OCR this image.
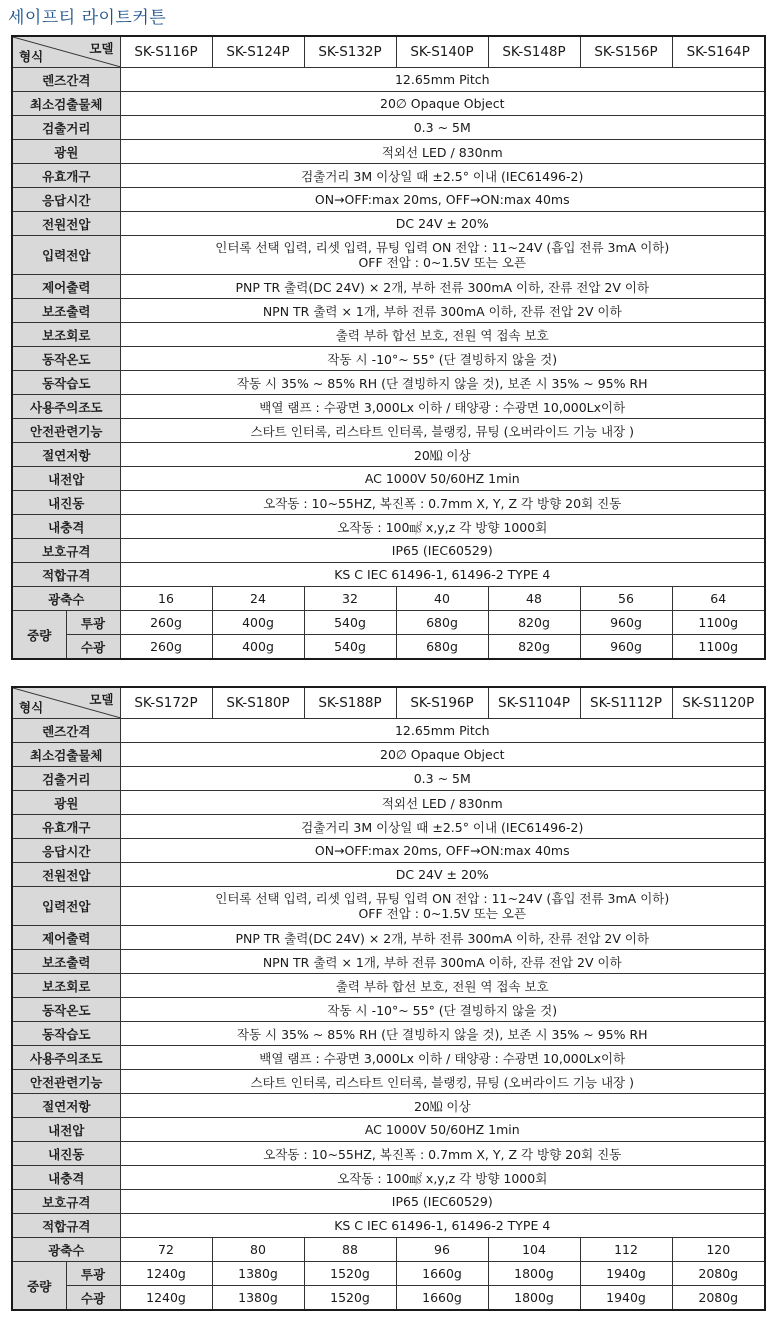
세이프티 라이트커튼
모델
형식		SK-S116P	SK-S124P	SK-S132P	SK-S140P	SK-S148P	SK-S156P	SK-S164P
렌즈간격		12.65mm Pitch						
최소검출물체		20∅ Opaque Object						
검출거리		0.3 ~ 5M						
광원		적외선 LED / 830nm						
유효개구		검출거리 3M 이상일 때 ±2.5° 이내 (IEC61496-2)						
응답시간		ON→OFF:max 20ms, OFF→ON:max 40ms						
전원전압		DC 24V ± 20%						
입력전압		인터록 선택 입력, 리셋 입력, 뮤팅 입력 ON 전압 : 11~24V (흡입 전류 3mA 이하)
OFF 전압 : 0~1.5V 또는 오픈						

제어출력		PNP TR 출력(DC 24V) × 2개, 부하 전류 300mA 이하, 잔류 전압 2V 이하						
보조출력		NPN TR 출력 × 1개, 부하 전류 300mA 이하, 잔류 전압 2V 이하						
보조회로		출력 부하 합선 보호, 전원 역 접속 보호						
동작온도		작동 시 -10°~ 55° (단 결빙하지 않을 것)						
동작습도		작동 시 35% ~ 85% RH (단 결빙하지 않을 것), 보존 시 35% ~ 95% RH						
사용주의조도		백열 램프 : 수광면 3,000Lx 이하 / 태양광 : 수광면 10,000Lx이하						
안전관련기능		스타트 인터록, 리스타트 인터록, 블랭킹, 뮤팅 (오버라이드 기능 내장 )						
절연저항		20㏁ 이상						
내전압		AC 1000V 50/60HZ 1min						
내진동		오작동 : 10~55HZ, 복진폭 : 0.7mm X, Y, Z 각 방향 20회 진동						
내충격		오작동 : 100㎨ x,y,z 각 방향 1000회						
보호규격		IP65 (IEC60529)						
적합규격		KS C IEC 61496-1, 61496-2 TYPE 4						
광축수		16	24	32	40	48	56	64
중량	투광	260g	400g	540g	680g	820g	960g	1100g
	수광	260g	400g	540g	680g	820g	960g	1100g
모델
형식		SK-S172P	SK-S180P	SK-S188P	SK-S196P	SK-S1104P	SK-S1112P	SK-S1120P
렌즈간격		12.65mm Pitch						
최소검출물체		20∅ Opaque Object						
검출거리		0.3 ~ 5M						
광원		적외선 LED / 830nm						
유효개구		검출거리 3M 이상일 때 ±2.5° 이내 (IEC61496-2)						
응답시간		ON→OFF:max 20ms, OFF→ON:max 40ms						
전원전압		DC 24V ± 20%						
입력전압		인터록 선택 입력, 리셋 입력, 뮤팅 입력 ON 전압 : 11~24V (흡입 전류 3mA 이하)
OFF 전압 : 0~1.5V 또는 오픈						

제어출력		PNP TR 출력(DC 24V) × 2개, 부하 전류 300mA 이하, 잔류 전압 2V 이하						
보조출력		NPN TR 출력 × 1개, 부하 전류 300mA 이하, 잔류 전압 2V 이하						
보조회로		출력 부하 합선 보호, 전원 역 접속 보호						
동작온도		작동 시 -10°~ 55° (단 결빙하지 않을 것)						
동작습도		작동 시 35% ~ 85% RH (단 결빙하지 않을 것), 보존 시 35% ~ 95% RH						
사용주의조도		백열 램프 : 수광면 3,000Lx 이하 / 태양광 : 수광면 10,000Lx이하						
안전관련기능		스타트 인터록, 리스타트 인터록, 블랭킹, 뮤팅 (오버라이드 기능 내장 )						
절연저항		20㏁ 이상						
내전압		AC 1000V 50/60HZ 1min						
내진동		오작동 : 10~55HZ, 복진폭 : 0.7mm X, Y, Z 각 방향 20회 진동						
내충격		오작동 : 100㎨ x,y,z 각 방향 1000회						
보호규격		IP65 (IEC60529)						
적합규격		KS C IEC 61496-1, 61496-2 TYPE 4						
광축수		72	80	88	96	104	112	120
중량	투광	1240g	1380g	1520g	1660g	1800g	1940g	2080g
	수광	1240g	1380g	1520g	1660g	1800g	1940g	2080g
